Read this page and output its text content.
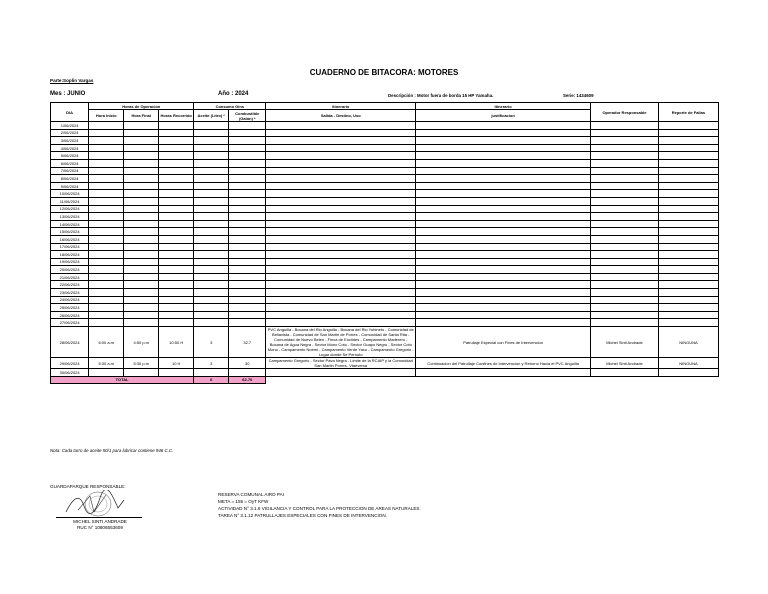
CUADERNO DE BITACORA: MOTORES
Parte:Soplin Vargas
Mes : JUNIO	Año : 2024	Descripción : Motor fuera de borda 15 HP Yamaha.	Serie: 1434609
DIA	Horas de Operación			Consumo Gins		Itinerario	Itinerario	Operador Responsable	Reporte de Fallas
	Hora Inicio	Hora Final	Horas Recorrido	Aceite (Litro) *	Combustible (Galón) *	Salida - Destino, Uso	justificacion		
1/06/2024									
2/06/2024									
3/06/2024									
4/06/2024									
5/06/2024									
6/06/2024									
7/06/2024									
8/06/2024									
9/06/2024									
10/06/2024									
11/06/2024									
12/06/2024									
13/06/2024									
14/06/2024									
15/06/2024									
16/06/2024									
17/06/2024									
18/06/2024									
19/06/2024									
20/06/2024									
21/06/2024									
22/06/2024									
23/06/2024									
24/06/2024									
25/06/2024									
26/06/2024									
27/06/2024									
28/06/2024	6:00 a.m	4:50 p.m	10:50 H	3	32.7	PVC Anguilla - Bocana del Rio Anguilla - Bocana del Rio Yubineto - Comunidad de Bellavista - Comunidad de San Martin de Porres - Comunidad de Santa Rita - Comunidad de Nuevo Belen - Finca de Euclides - Campamento Maderero - Bocana de Agua Negra - Sector Mono Coto - Sector Guapo Negro - Sector Coto Mono - Campamento Noemi - Campamento Verde Yaco - Campamento Gregorio - Lugar donde Se Pernoto	Patrullaje Especial con Fines de Intervencion	Michel Sinti Andrade	NINGUNA
29/06/2024	5:30 a.m	5:30 p.m	10 H	3	30	Campamento Gregorio - Sector Pava Negra - Limite de la RCAIP y la Comunidad San Martin Porres- Vtaeversa	Continuacion del Patrullaje Confines de Intervencion y Retorno Hacia el PVC Anguilla	Michel Sinti Andrade	NINGUNA
30/06/2024									
TOTAL				6	62.70				
Nota: Cada tarro de aceite 50/1 para lubricar contiene 946 C.C.
GUARDAPARQUE RESPONSABLE:
MICHEL SINTI ANDRADE
RUC N° 10806553609
RESERVA COMUNAL AIRO PAI
META = 155 = OyT KFW
ACTIVIDAD N° 3.1.6 VIGILANCIA Y CONTROL PARA LA PROTECCION DE AREAS NATURALES.
TAREA N° 3.1.12 PATRULLAJES ESPECIALES CON FINES DE INTERVENCION.
